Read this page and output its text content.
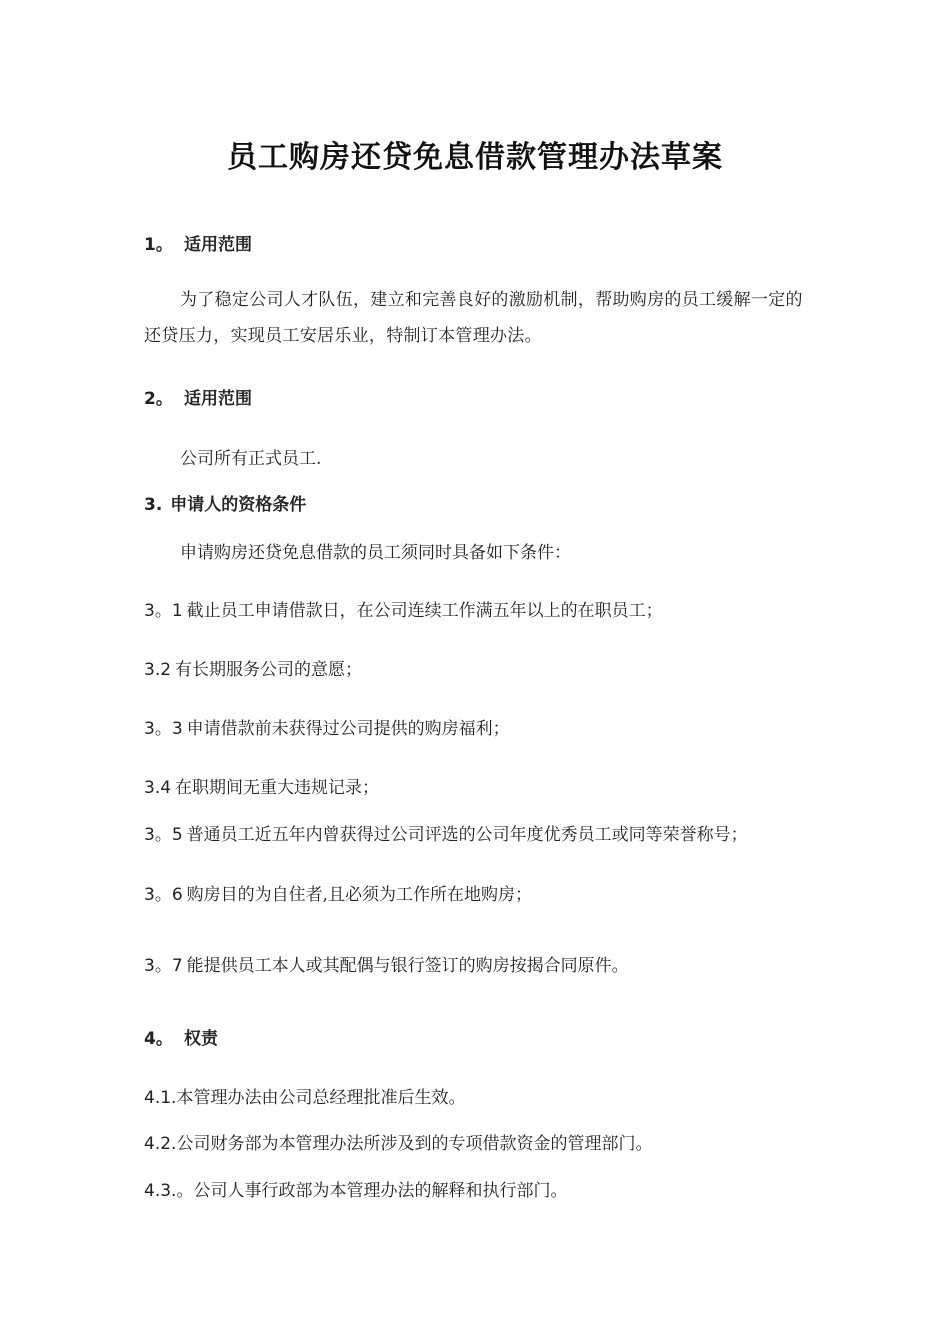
员工购房还贷免息借款管理办法草案
1。 适用范围
为了稳定公司人才队伍，建立和完善良好的激励机制，帮助购房的员工缓解一定的还贷压力，实现员工安居乐业，特制订本管理办法。
2。 适用范围
公司所有正式员工.
3. 申请人的资格条件
申请购房还贷免息借款的员工须同时具备如下条件：
3。1 截止员工申请借款日，在公司连续工作满五年以上的在职员工；
3.2 有长期服务公司的意愿；
3。3 申请借款前未获得过公司提供的购房福利；
3.4 在职期间无重大违规记录；
3。5 普通员工近五年内曾获得过公司评选的公司年度优秀员工或同等荣誉称号；
3。6 购房目的为自住者,且必须为工作所在地购房；
3。7 能提供员工本人或其配偶与银行签订的购房按揭合同原件。
4。 权责
4.1.本管理办法由公司总经理批准后生效。
4.2.公司财务部为本管理办法所涉及到的专项借款资金的管理部门。
4.3.。公司人事行政部为本管理办法的解释和执行部门。
